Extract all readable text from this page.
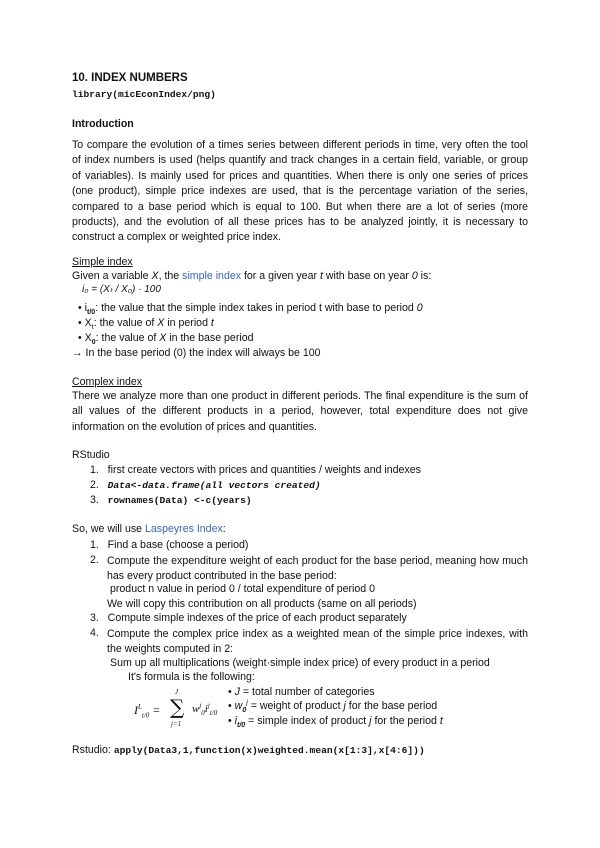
10. INDEX NUMBERS
library(micEconIndex/png)
Introduction
To compare the evolution of a times series between different periods in time, very often the tool of index numbers is used (helps quantify and track changes in a certain field, variable, or group of variables). Is mainly used for prices and quantities. When there is only one series of prices (one product), simple price indexes are used, that is the percentage variation of the series, compared to a base period which is equal to 100. But when there are a lot of series (more products), and the evolution of all these prices has to be analyzed jointly, it is necessary to construct a complex or weighted price index.
Simple index
Given a variable X, the simple index for a given year t with base on year 0 is:
i₀ = (Xₜ / X₀) · 100
• $i_{t/0}$: the value that the simple index takes in period t with base to period 0
• $X_t$: the value of X in period t
• $X_0$: the value of X in the base period
→ In the base period (0) the index will always be 100
Complex index
There we analyze more than one product in different periods. The final expenditure is the sum of all values of the different products in a period, however, total expenditure does not give information on the evolution of prices and quantities.
RStudio
1.   first create vectors with prices and quantities / weights and indexes
2.   Data<-data.frame(all vectors created)
3.   rownames(Data) <-c(years)
So, we will use Laspeyres Index:
1.   Find a base (choose a period)
2. Compute the expenditure weight of each product for the base period, meaning how much has every product contributed in the base period:
product n value in period 0 / total expenditure of period 0
We will copy this contribution on all products (same on all periods)
3.   Compute simple indexes of the price of each product separately
4. Compute the complex price index as a weighted mean of the simple price indexes, with the weights computed in 2:
Sum up all multiplications (weight·simple index price) of every product in a period
It's formula is the following:
$I^L_{t/0}$ =
J
∑
j=1
$w^j_0i^j_{t/0}$
• J = total number of categories
• $w_0^j$ = weight of product j for the base period
• $i_{t/0}$ = simple index of product j for the period t
Rstudio: apply(Data3,1,function(x)weighted.mean(x[1:3],x[4:6]))
